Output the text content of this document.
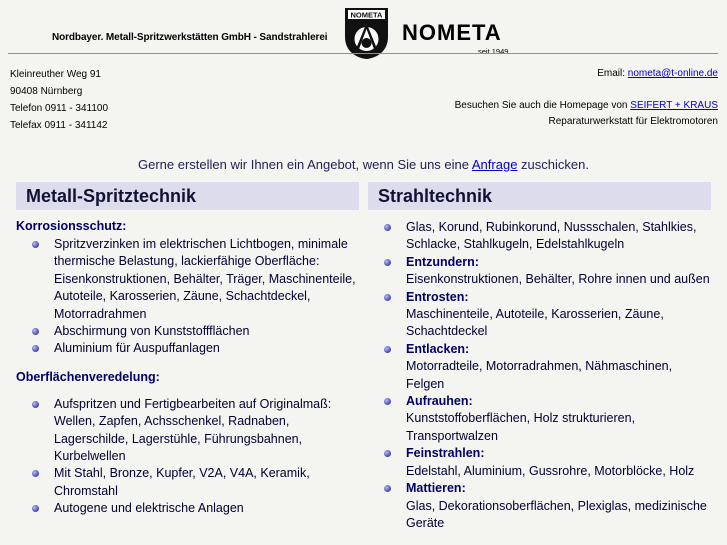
Nordbayer. Metall-Spritzwerkstätten GmbH - Sandstrahlerei
NOMETA
NOMETA
seit 1949
Kleinreuther Weg 91
90408 Nürnberg
Telefon 0911 - 341100
Telefax 0911 - 341142
Email: nometa@t-online.de
Besuchen Sie auch die Homepage von SEIFERT + KRAUS
Reparaturwerkstatt für Elektromotoren
Gerne erstellen wir Ihnen ein Angebot, wenn Sie uns eine Anfrage zuschicken.
Metall-Spritztechnik	Strahltechnik
Korrosionsschutz:
Spritzverzinken im elektrischen Lichtbogen, minimale thermische Belastung, lackierfähige Oberfläche: Eisenkonstruktionen, Behälter, Träger, Maschinenteile, Autoteile, Karosserien, Zäune, Schachtdeckel, Motorradrahmen
Abschirmung von Kunststoffflächen
Aluminium für Auspuffanlagen
Oberflächenveredelung:
Aufspritzen und Fertigbearbeiten auf Originalmaß: Wellen, Zapfen, Achsschenkel, Radnaben, Lagerschilde, Lagerstühle, Führungsbahnen, Kurbelwellen
Mit Stahl, Bronze, Kupfer, V2A, V4A, Keramik, Chromstahl
Autogene und elektrische Anlagen
Glas, Korund, Rubinkorund, Nussschalen, Stahlkies, Schlacke, Stahlkugeln, Edelstahlkugeln
Entzundern:
Eisenkonstruktionen, Behälter, Rohre innen und außen
Entrosten:
Maschinenteile, Autoteile, Karosserien, Zäune, Schachtdeckel
Entlacken:
Motorradteile, Motorradrahmen, Nähmaschinen, Felgen
Aufrauhen:
Kunststoffoberflächen, Holz strukturieren, Transportwalzen
Feinstrahlen:
Edelstahl, Aluminium, Gussrohre, Motorblöcke, Holz
Mattieren:
Glas, Dekorationsoberflächen, Plexiglas, medizinische Geräte
